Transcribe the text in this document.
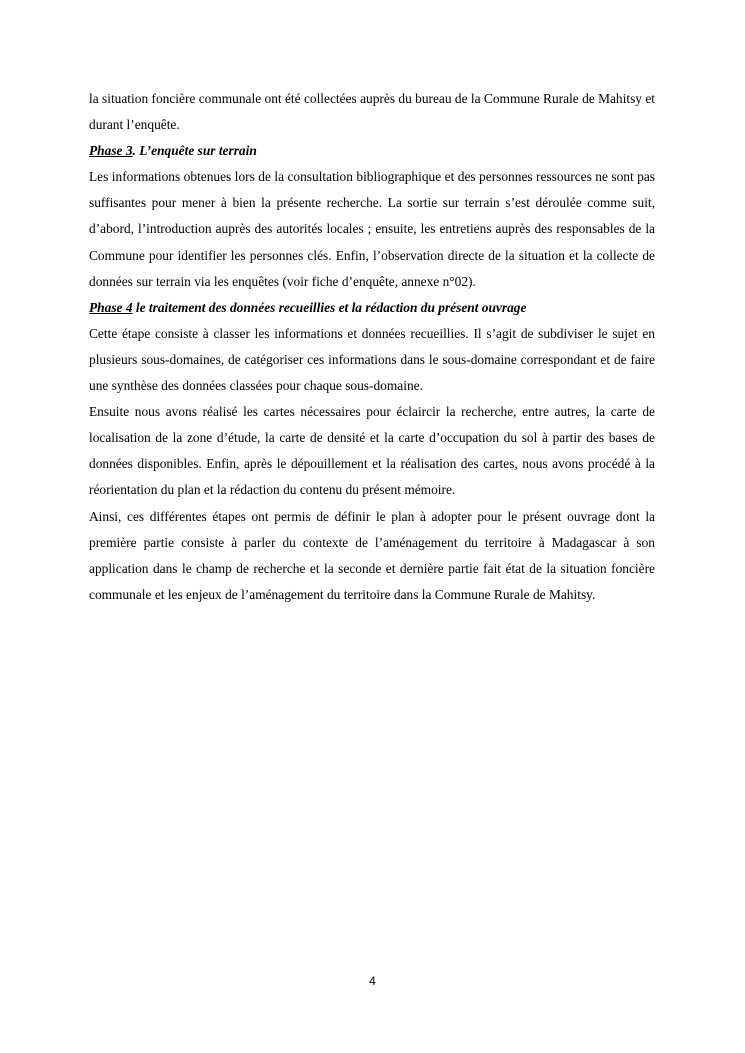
la situation foncière communale ont été collectées auprès du bureau de la Commune Rurale de Mahitsy et durant l’enquête.

Phase 3. L’enquête sur terrain

Les informations obtenues lors de la consultation bibliographique et des personnes ressources ne sont pas suffisantes pour mener à bien la présente recherche. La sortie sur terrain s’est déroulée comme suit, d’abord, l’introduction auprès des autorités locales ; ensuite, les entretiens auprès des responsables de la Commune pour identifier les personnes clés. Enfin, l’observation directe de la situation et la collecte de données sur terrain via les enquêtes (voir fiche d’enquête, annexe n°02).

Phase 4 le traitement des données recueillies et la rédaction du présent ouvrage

Cette étape consiste à classer les informations et données recueillies. Il s’agit de subdiviser le sujet en plusieurs sous-domaines, de catégoriser ces informations dans le sous-domaine correspondant et de faire une synthèse des données classées pour chaque sous-domaine.

Ensuite nous avons réalisé les cartes nécessaires pour éclaircir la recherche, entre autres, la carte de localisation de la zone d’étude, la carte de densité et la carte d’occupation du sol à partir des bases de données disponibles. Enfin, après le dépouillement et la réalisation des cartes, nous avons procédé à la réorientation du plan et la rédaction du contenu du présent mémoire.

Ainsi, ces différentes étapes ont permis de définir le plan à adopter pour le présent ouvrage dont la première partie consiste à parler du contexte de l’aménagement du territoire à Madagascar à son application dans le champ de recherche et la seconde et dernière partie fait état de la situation foncière communale et les enjeux de l’aménagement du territoire dans la Commune Rurale de Mahitsy.

4
